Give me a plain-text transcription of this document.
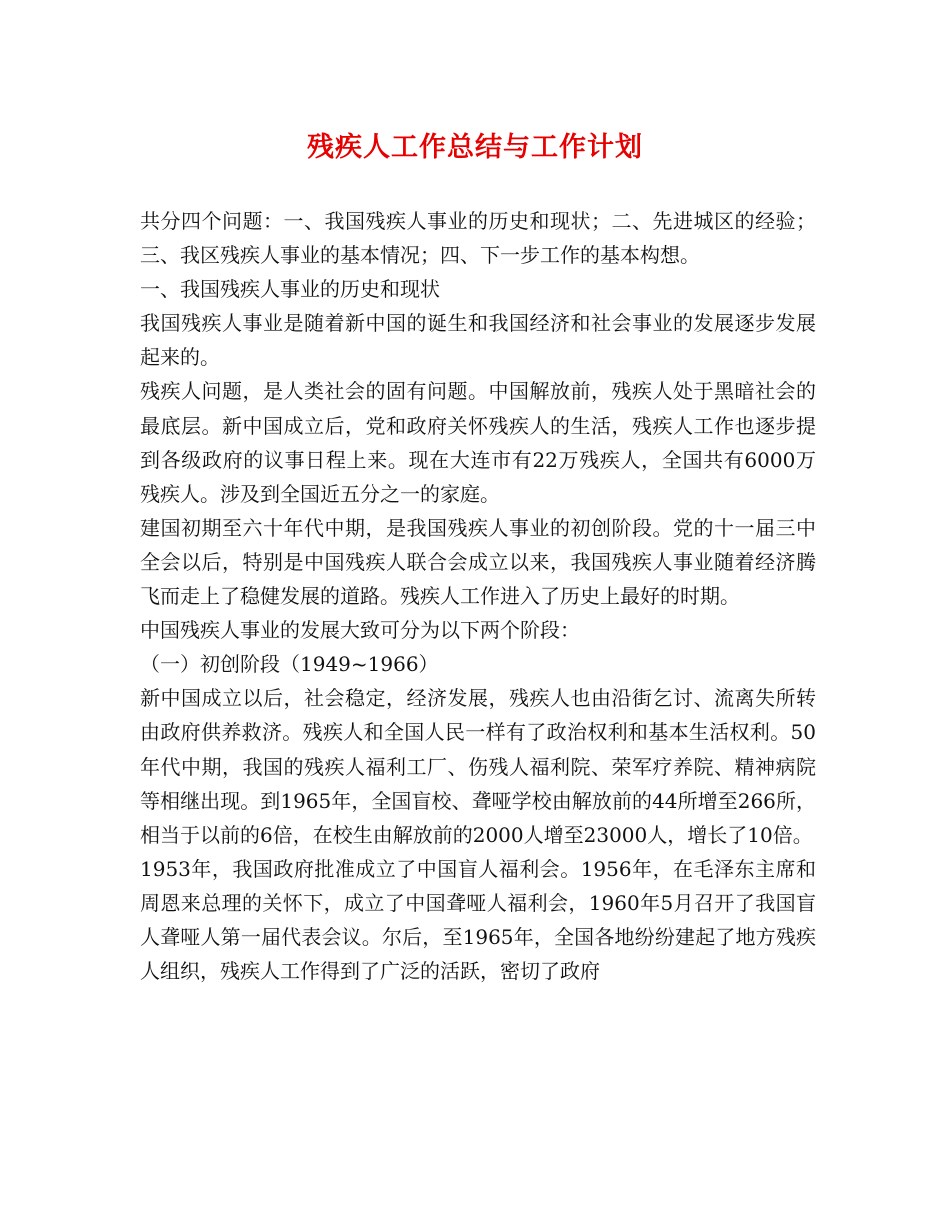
残疾人工作总结与工作计划

共分四个问题：一、我国残疾人事业的历史和现状；二、先进城区的经验；三、我区残疾人事业的基本情况；四、下一步工作的基本构想。

一、我国残疾人事业的历史和现状

我国残疾人事业是随着新中国的诞生和我国经济和社会事业的发展逐步发展起来的。

残疾人问题，是人类社会的固有问题。中国解放前，残疾人处于黑暗社会的最底层。新中国成立后，党和政府关怀残疾人的生活，残疾人工作也逐步提到各级政府的议事日程上来。现在大连市有22万残疾人，全国共有6000万残疾人。涉及到全国近五分之一的家庭。

建国初期至六十年代中期，是我国残疾人事业的初创阶段。党的十一届三中全会以后，特别是中国残疾人联合会成立以来，我国残疾人事业随着经济腾飞而走上了稳健发展的道路。残疾人工作进入了历史上最好的时期。

中国残疾人事业的发展大致可分为以下两个阶段：

（一）初创阶段（1949~1966）

新中国成立以后，社会稳定，经济发展，残疾人也由沿街乞讨、流离失所转由政府供养救济。残疾人和全国人民一样有了政治权利和基本生活权利。50年代中期，我国的残疾人福利工厂、伤残人福利院、荣军疗养院、精神病院等相继出现。到1965年，全国盲校、聋哑学校由解放前的44所增至266所，相当于以前的6倍，在校生由解放前的2000人增至23000人，增长了10倍。

1953年，我国政府批准成立了中国盲人福利会。1956年，在毛泽东主席和周恩来总理的关怀下，成立了中国聋哑人福利会，1960年5月召开了我国盲人聋哑人第一届代表会议。尔后，至1965年，全国各地纷纷建起了地方残疾人组织，残疾人工作得到了广泛的活跃，密切了政府
